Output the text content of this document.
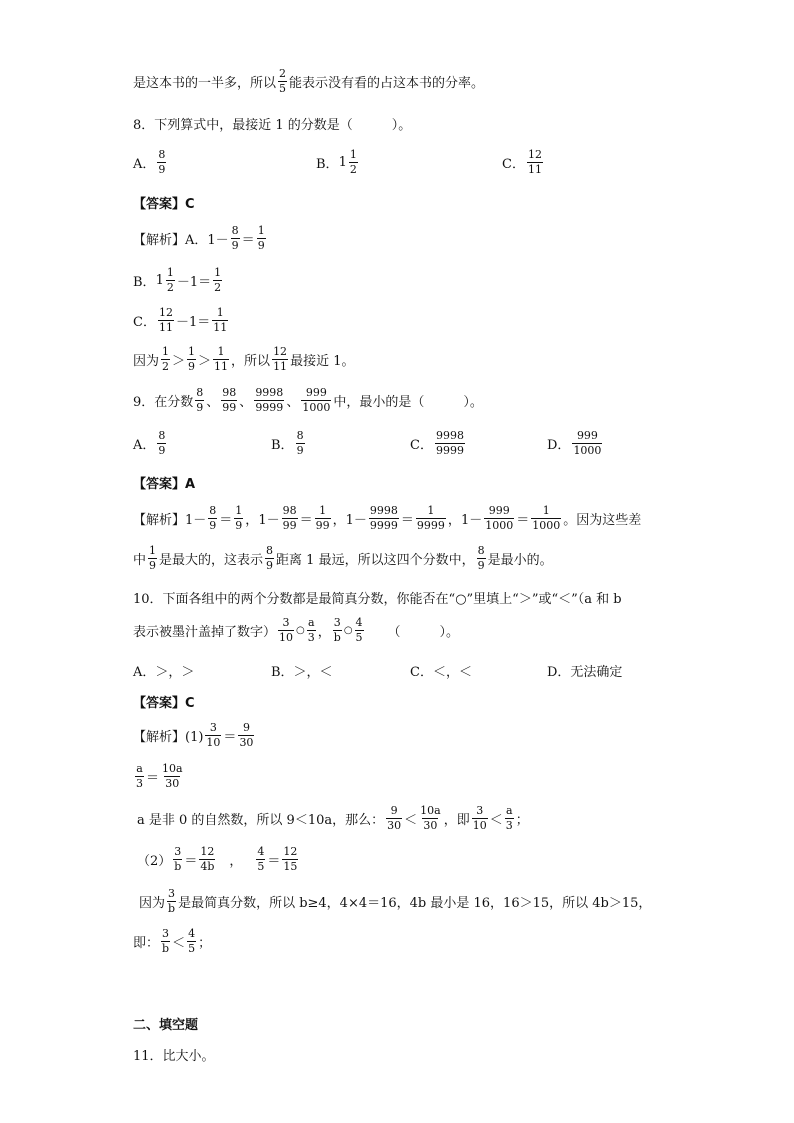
是这本书的一半多，所以 $\frac{2}{5}$ 能表示没有看的占这本书的分率。
8．下列算式中，最接近 1 的分数是（　　　）。
A． $\frac{8}{9}$	B． $1 \frac{1}{2}$	C． $\frac{12}{11}$
【答案】C
【解析】A．$1- \frac{8}{9} = \frac{1}{9}$
B． $1 \frac{1}{2} -1= \frac{1}{2}$
C． $\frac{12}{11} -1= \frac{1}{11}$
因为 $\frac{1}{2} > \frac{1}{9} > \frac{1}{11}$ ，所以 $\frac{12}{11}$ 最接近 1。
9．在分数 $\frac{8}{9}$ 、 $\frac{98}{99}$ 、 $\frac{9998}{9999}$ 、 $\frac{999}{1000}$ 中，最小的是（　　　）。
A． $\frac{8}{9}$	B． $\frac{8}{9}$	C． $\frac{9998}{9999}$	D． $\frac{999}{1000}$
【答案】A
【解析】$1- \frac{8}{9} = \frac{1}{9}$ ， $1- \frac{98}{99} = \frac{1}{99}$ ， $1- \frac{9998}{9999} = \frac{1}{9999}$ ， $1- \frac{999}{1000} = \frac{1}{1000}$ 。因为这些差
中 $\frac{1}{9}$ 是最大的，这表示 $\frac{8}{9}$ 距离 1 最远，所以这四个分数中， $\frac{8}{9}$ 是最小的。
10．下面各组中的两个分数都是最简真分数，你能否在“○”里填上“＞”或“＜”（a 和 b
表示被墨汁盖掉了数字） $\frac{3}{10}$ ○ $\frac{a}{3}$ ， $\frac{3}{b}$ ○ $\frac{4}{5}$ （　　　）。
A．＞，＞	B．＞，＜	C．＜，＜	D．无法确定
【答案】C
【解析】$(1) \frac{3}{10} = \frac{9}{30}$
$\frac{a}{3} = \frac{10a}{30}$
a 是非 0 的自然数，所以 9＜10a，那么： $\frac{9}{30} < \frac{10a}{30}$ ，即 $\frac{3}{10} < \frac{a}{3}$ ；
$(2) \frac{3}{b} = \frac{12}{4b}$ ， $\frac{4}{5} = \frac{12}{15}$
因为 $\frac{3}{b}$ 是最简真分数，所以 b≥4，4×4＝16，4b 最小是 16，16＞15，所以 4b＞15，
即： $\frac{3}{b} < \frac{4}{5}$ ；
二、填空题
11．比大小。
